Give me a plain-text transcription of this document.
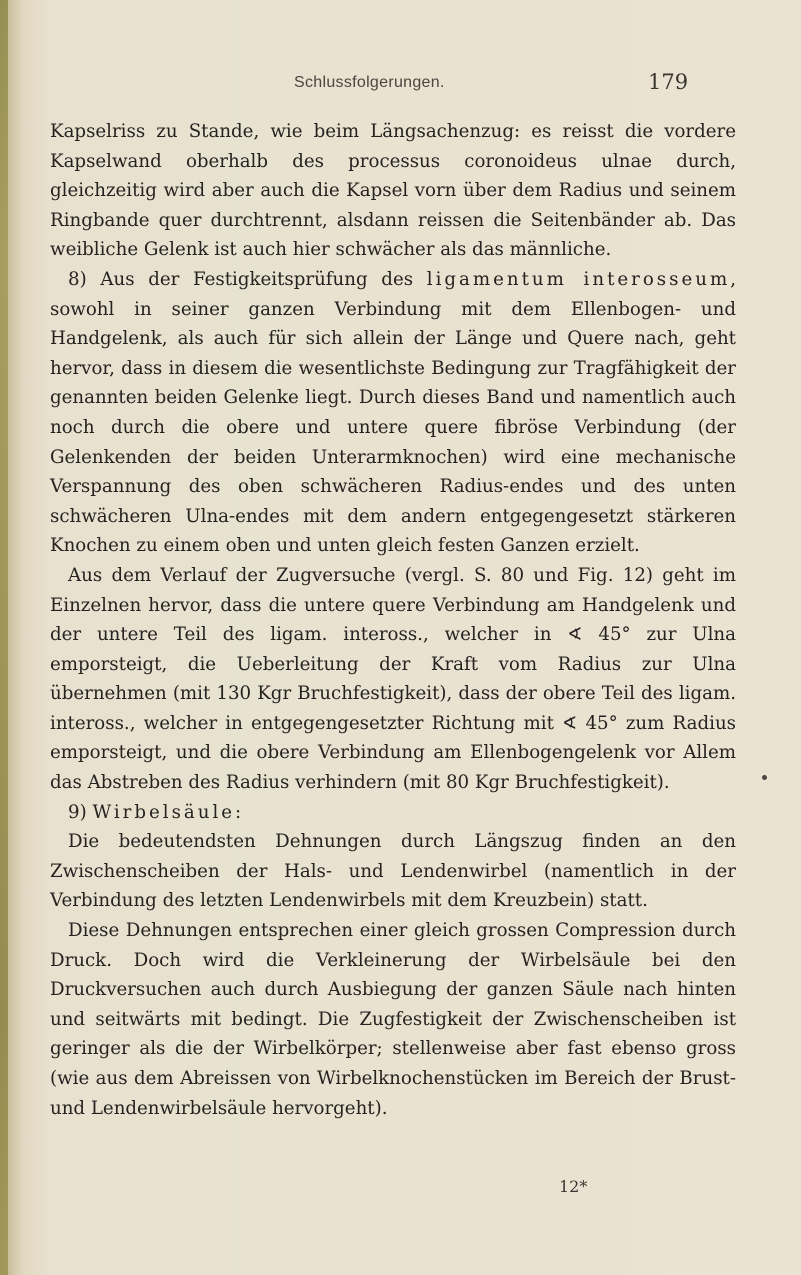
Schlussfolgerungen.	179

Kapselriss zu Stande, wie beim Längsachenzug: es reisst die vordere Kapselwand oberhalb des processus coronoideus ulnae durch, gleichzeitig wird aber auch die Kapsel vorn über dem Radius und seinem Ringbande quer durchtrennt, alsdann reissen die Seitenbänder ab. Das weibliche Gelenk ist auch hier schwächer als das männliche.

8) Aus der Festigkeitsprüfung des ligamentum interosseum, sowohl in seiner ganzen Verbindung mit dem Ellenbogen- und Handgelenk, als auch für sich allein der Länge und Quere nach, geht hervor, dass in diesem die wesentlichste Bedingung zur Tragfähigkeit der genannten beiden Gelenke liegt. Durch dieses Band und namentlich auch noch durch die obere und untere quere fibröse Verbindung (der Gelenkenden der beiden Unterarmknochen) wird eine mechanische Verspannung des oben schwächeren Radius-endes und des unten schwächeren Ulna-endes mit dem andern entgegengesetzt stärkeren Knochen zu einem oben und unten gleich festen Ganzen erzielt.

Aus dem Verlauf der Zugversuche (vergl. S. 80 und Fig. 12) geht im Einzelnen hervor, dass die untere quere Verbindung am Handgelenk und der untere Teil des ligam. inteross., welcher in ∢ 45° zur Ulna emporsteigt, die Ueberleitung der Kraft vom Radius zur Ulna übernehmen (mit 130 Kgr Bruchfestigkeit), dass der obere Teil des ligam. inteross., welcher in entgegengesetzter Richtung mit ∢ 45° zum Radius emporsteigt, und die obere Verbindung am Ellenbogengelenk vor Allem das Abstreben des Radius verhindern (mit 80 Kgr Bruchfestigkeit).

9) Wirbelsäule:

Die bedeutendsten Dehnungen durch Längszug finden an den Zwischenscheiben der Hals- und Lendenwirbel (namentlich in der Verbindung des letzten Lendenwirbels mit dem Kreuzbein) statt.

Diese Dehnungen entsprechen einer gleich grossen Compression durch Druck. Doch wird die Verkleinerung der Wirbelsäule bei den Druckversuchen auch durch Ausbiegung der ganzen Säule nach hinten und seitwärts mit bedingt. Die Zugfestigkeit der Zwischenscheiben ist geringer als die der Wirbelkörper; stellenweise aber fast ebenso gross (wie aus dem Abreissen von Wirbelknochenstücken im Bereich der Brust- und Lendenwirbelsäule hervorgeht).

12*
